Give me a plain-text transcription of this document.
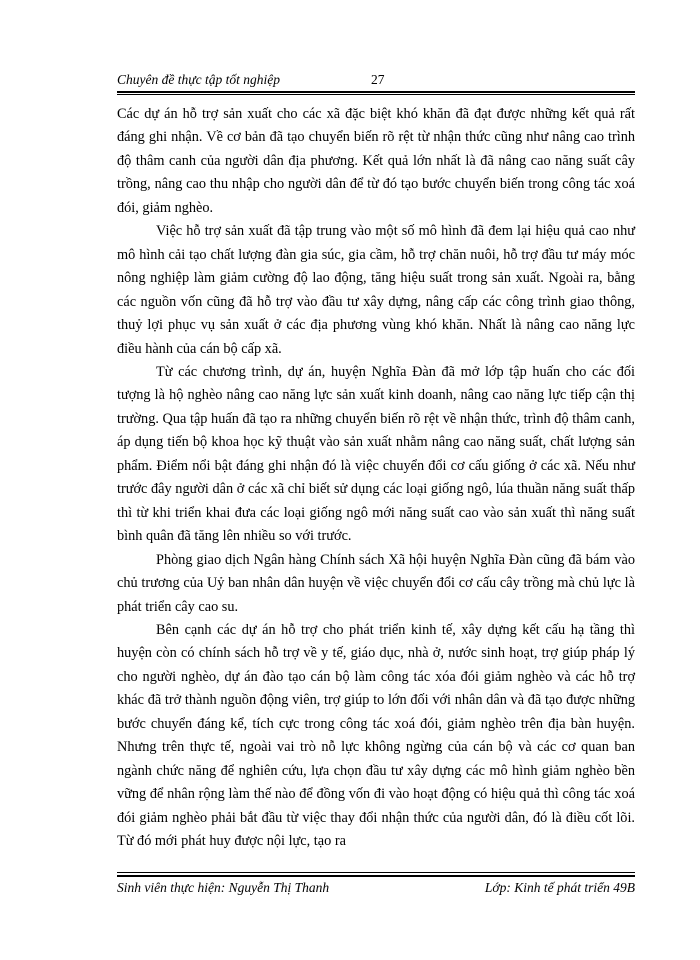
Chuyên đề thực tập tốt nghiệp	27

Các dự án hỗ trợ sản xuất cho các xã đặc biệt khó khăn đã đạt được những kết quả rất đáng ghi nhận. Về cơ bản đã tạo chuyển biến rõ rệt từ nhận thức cũng như nâng cao trình độ thâm canh của người dân địa phương. Kết quả lớn nhất là đã nâng cao năng suất cây trồng, nâng cao thu nhập cho người dân để từ đó tạo bước chuyển biến trong công tác xoá đói, giảm nghèo.

Việc hỗ trợ sản xuất đã tập trung vào một số mô hình đã đem lại hiệu quả cao như mô hình cải tạo chất lượng đàn gia súc, gia cầm, hỗ trợ chăn nuôi, hỗ trợ đầu tư máy móc nông nghiệp làm giảm cường độ lao động, tăng hiệu suất trong sản xuất. Ngoài ra, bằng các nguồn vốn cũng đã hỗ trợ vào đầu tư xây dựng, nâng cấp các công trình giao thông, thuỷ lợi phục vụ sản xuất ở các địa phương vùng khó khăn. Nhất là nâng cao năng lực điều hành của cán bộ cấp xã.

Từ các chương trình, dự án, huyện Nghĩa Đàn đã mở lớp tập huấn cho các đối tượng là hộ nghèo nâng cao năng lực sản xuất kinh doanh, nâng cao năng lực tiếp cận thị trường. Qua tập huấn đã tạo ra những chuyển biến rõ rệt về nhận thức, trình độ thâm canh, áp dụng tiến bộ khoa học kỹ thuật vào sản xuất nhằm nâng cao năng suất, chất lượng sản phẩm. Điểm nổi bật đáng ghi nhận đó là việc chuyển đổi cơ cấu giống ở các xã. Nếu như trước đây người dân ở các xã chỉ biết sử dụng các loại giống ngô, lúa thuần năng suất thấp thì từ khi triển khai đưa các loại giống ngô mới năng suất cao vào sản xuất thì năng suất bình quân đã tăng lên nhiều so với trước.

Phòng giao dịch Ngân hàng Chính sách Xã hội huyện Nghĩa Đàn cũng đã bám vào chủ trương của Uỷ ban nhân dân huyện về việc chuyển đổi cơ cấu cây trồng mà chủ lực là phát triển cây cao su.

Bên cạnh các dự án hỗ trợ cho phát triển kinh tế, xây dựng kết cấu hạ tầng thì huyện còn có chính sách hỗ trợ về y tế, giáo dục, nhà ở, nước sinh hoạt, trợ giúp pháp lý cho người nghèo, dự án đào tạo cán bộ làm công tác xóa đói giảm nghèo và các hỗ trợ khác đã trở thành nguồn động viên, trợ giúp to lớn đối với nhân dân và đã tạo được những bước chuyển đáng kể, tích cực trong công tác xoá đói, giảm nghèo trên địa bàn huyện. Nhưng trên thực tế, ngoài vai trò nỗ lực không ngừng của cán bộ và các cơ quan ban ngành chức năng để nghiên cứu, lựa chọn đầu tư xây dựng các mô hình giảm nghèo bền vững để nhân rộng làm thế nào để đồng vốn đi vào hoạt động có hiệu quả thì công tác xoá đói giảm nghèo phải bắt đầu từ việc thay đổi nhận thức của người dân, đó là điều cốt lõi. Từ đó mới phát huy được nội lực, tạo ra

Sinh viên thực hiện: Nguyễn Thị Thanh	Lớp: Kinh tế phát triển 49B
